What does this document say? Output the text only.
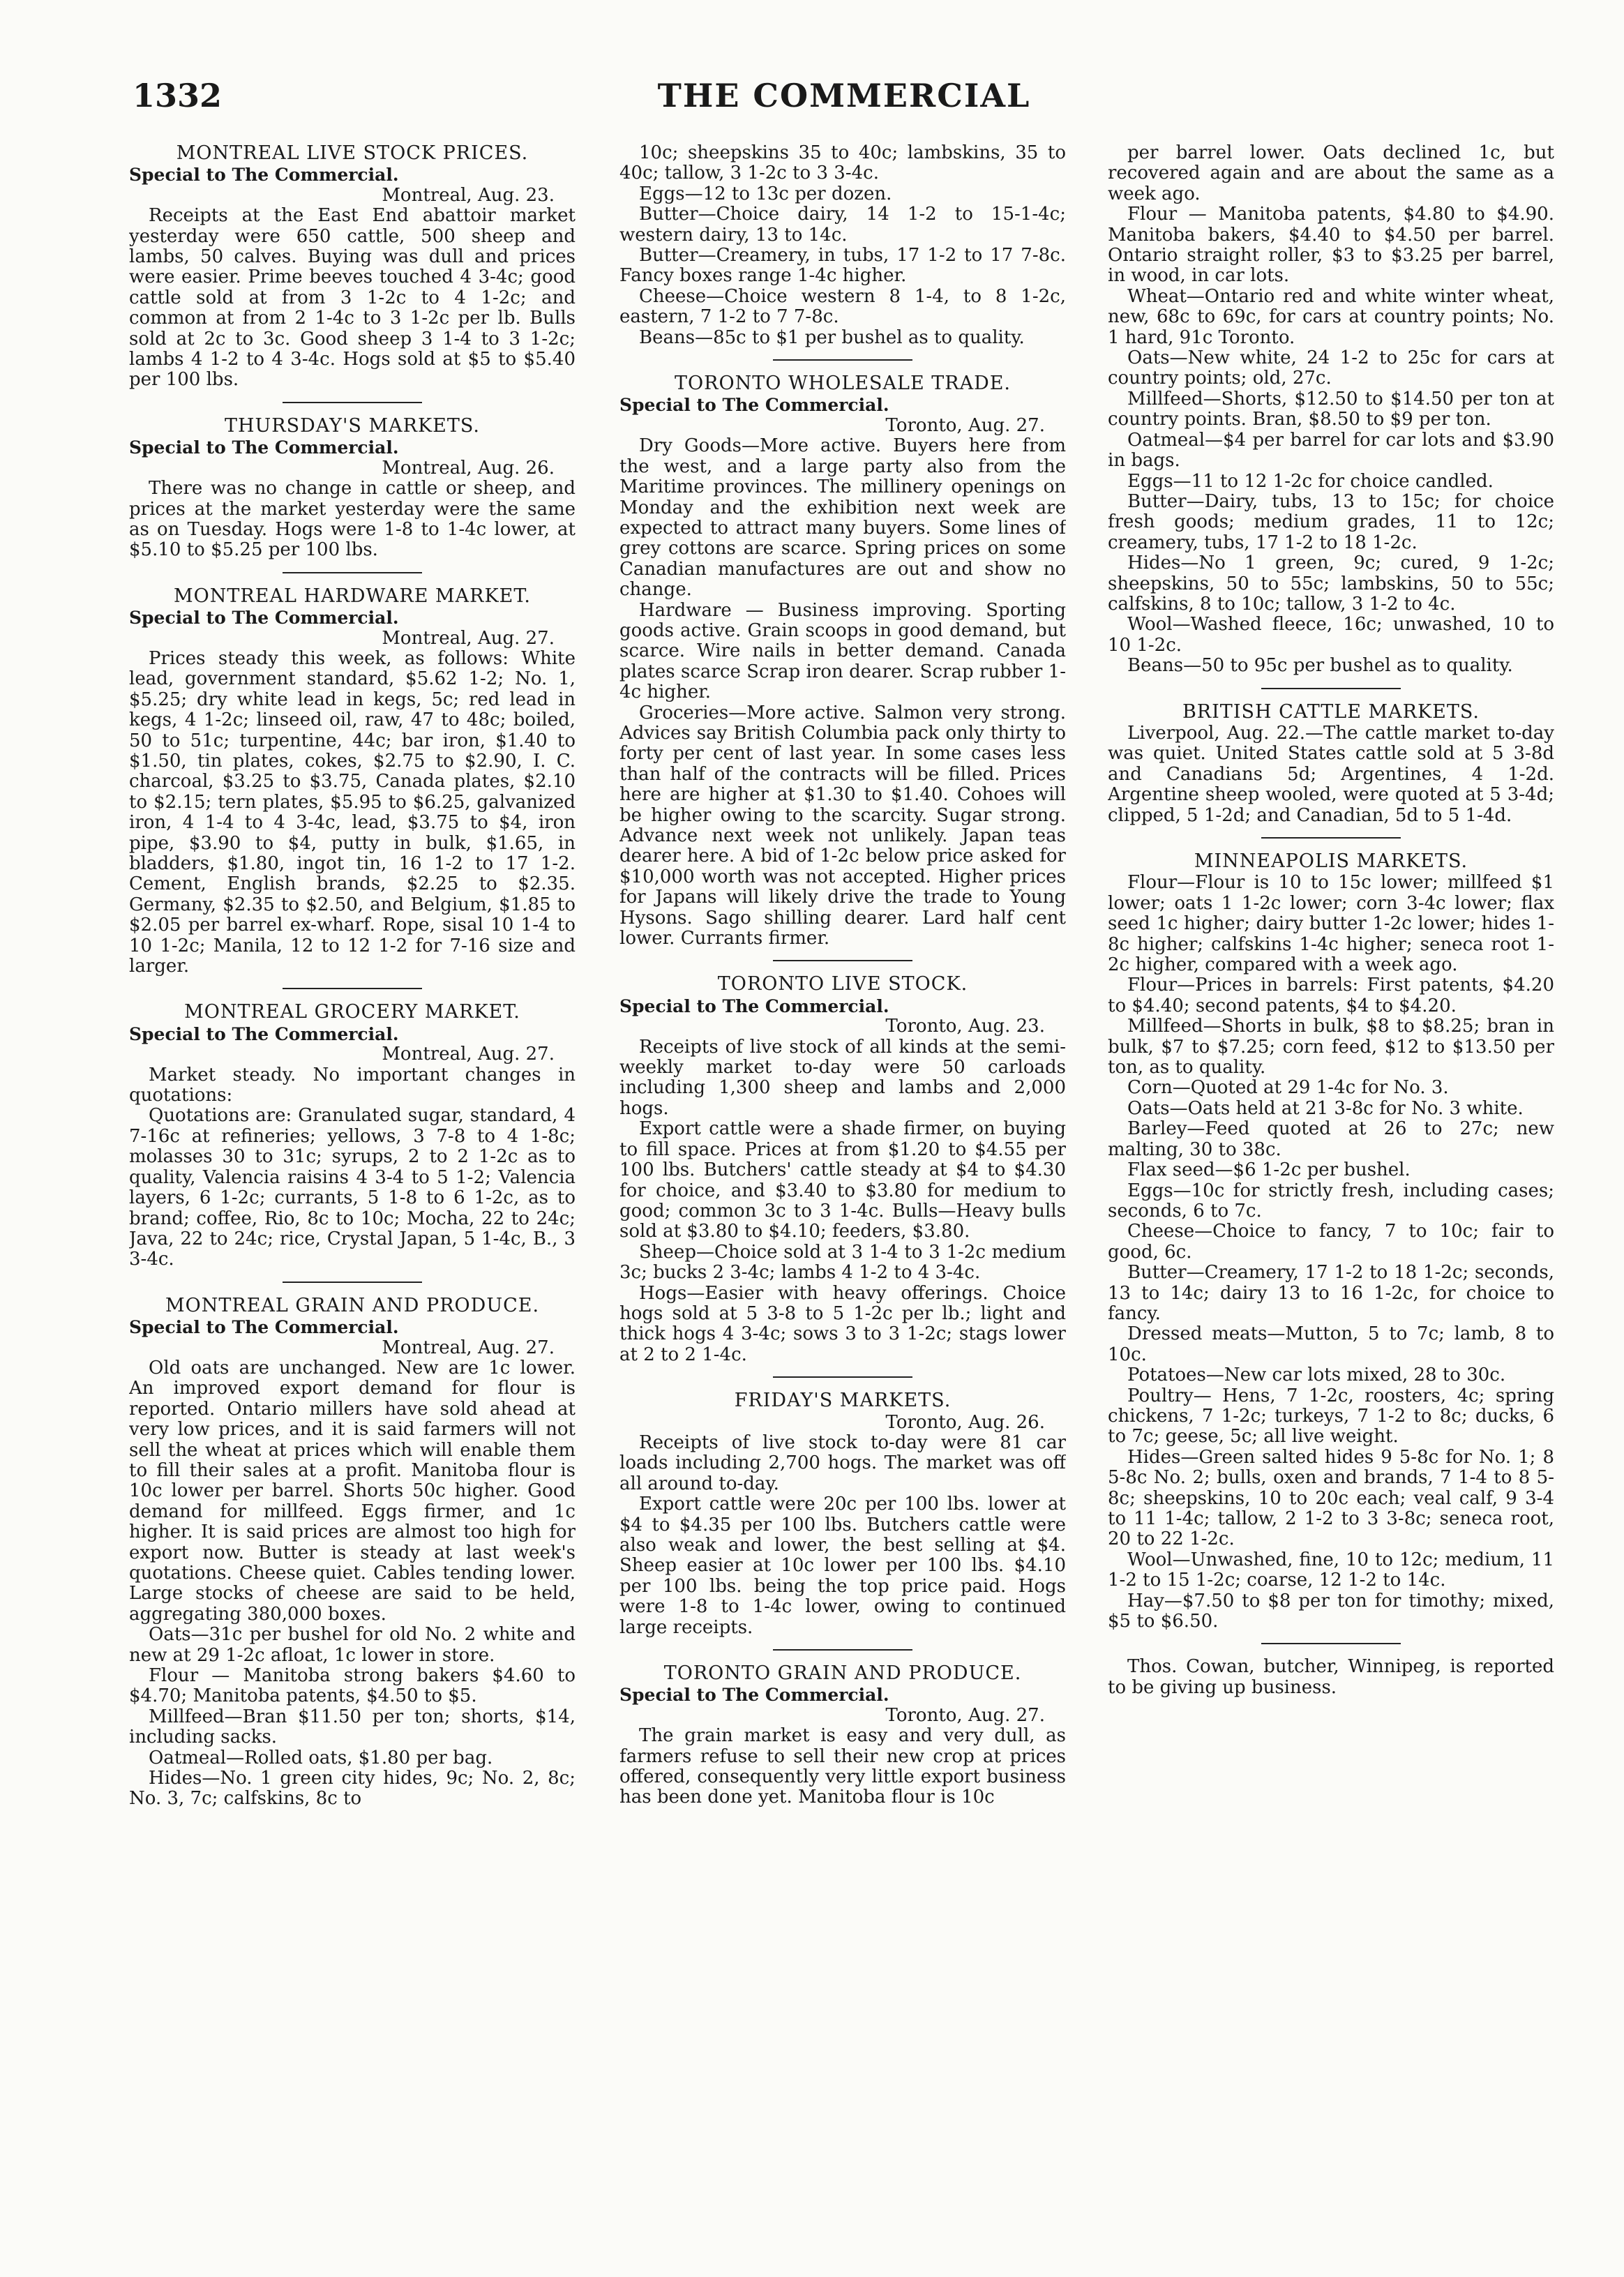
1332	THE COMMERCIAL
MONTREAL LIVE STOCK PRICES.
Special to The Commercial.
Montreal, Aug. 23.
Receipts at the East End abattoir market yesterday were 650 cattle, 500 sheep and lambs, 50 calves. Buying was dull and prices were easier. Prime beeves touched 4 3-4c; good cattle sold at from 3 1-2c to 4 1-2c; and common at from 2 1-4c to 3 1-2c per lb. Bulls sold at 2c to 3c. Good sheep 3 1-4 to 3 1-2c; lambs 4 1-2 to 4 3-4c. Hogs sold at $5 to $5.40 per 100 lbs.
THURSDAY'S MARKETS.
Special to The Commercial.
Montreal, Aug. 26.
There was no change in cattle or sheep, and prices at the market yesterday were the same as on Tuesday. Hogs were 1-8 to 1-4c lower, at $5.10 to $5.25 per 100 lbs.
MONTREAL HARDWARE MARKET.
Special to The Commercial.
Montreal, Aug. 27.
Prices steady this week, as follows: White lead, government standard, $5.62 1-2; No. 1, $5.25; dry white lead in kegs, 5c; red lead in kegs, 4 1-2c; linseed oil, raw, 47 to 48c; boiled, 50 to 51c; turpentine, 44c; bar iron, $1.40 to $1.50, tin plates, cokes, $2.75 to $2.90, I. C. charcoal, $3.25 to $3.75, Canada plates, $2.10 to $2.15; tern plates, $5.95 to $6.25, galvanized iron, 4 1-4 to 4 3-4c, lead, $3.75 to $4, iron pipe, $3.90 to $4, putty in bulk, $1.65, in bladders, $1.80, ingot tin, 16 1-2 to 17 1-2. Cement, English brands, $2.25 to $2.35. Germany, $2.35 to $2.50, and Belgium, $1.85 to $2.05 per barrel ex-wharf. Rope, sisal 10 1-4 to 10 1-2c; Manila, 12 to 12 1-2 for 7-16 size and larger.
MONTREAL GROCERY MARKET.
Special to The Commercial.
Montreal, Aug. 27.
Market steady. No important changes in quotations:
Quotations are: Granulated sugar, standard, 4 7-16c at refineries; yellows, 3 7-8 to 4 1-8c; molasses 30 to 31c; syrups, 2 to 2 1-2c as to quality, Valencia raisins 4 3-4 to 5 1-2; Valencia layers, 6 1-2c; currants, 5 1-8 to 6 1-2c, as to brand; coffee, Rio, 8c to 10c; Mocha, 22 to 24c; Java, 22 to 24c; rice, Crystal Japan, 5 1-4c, B., 3 3-4c.
MONTREAL GRAIN AND PRODUCE.
Special to The Commercial.
Montreal, Aug. 27.
Old oats are unchanged. New are 1c lower. An improved export demand for flour is reported. Ontario millers have sold ahead at very low prices, and it is said farmers will not sell the wheat at prices which will enable them to fill their sales at a profit. Manitoba flour is 10c lower per barrel. Shorts 50c higher. Good demand for millfeed. Eggs firmer, and 1c higher. It is said prices are almost too high for export now. Butter is steady at last week's quotations. Cheese quiet. Cables tending lower. Large stocks of cheese are said to be held, aggregating 380,000 boxes.
Oats—31c per bushel for old No. 2 white and new at 29 1-2c afloat, 1c lower in store.
Flour — Manitoba strong bakers $4.60 to $4.70; Manitoba patents, $4.50 to $5.
Millfeed—Bran $11.50 per ton; shorts, $14, including sacks.
Oatmeal—Rolled oats, $1.80 per bag.
Hides—No. 1 green city hides, 9c; No. 2, 8c; No. 3, 7c; calfskins, 8c to
10c; sheepskins 35 to 40c; lambskins, 35 to 40c; tallow, 3 1-2c to 3 3-4c.
Eggs—12 to 13c per dozen.
Butter—Choice dairy, 14 1-2 to 15-1-4c; western dairy, 13 to 14c.
Butter—Creamery, in tubs, 17 1-2 to 17 7-8c. Fancy boxes range 1-4c higher.
Cheese—Choice western 8 1-4, to 8 1-2c, eastern, 7 1-2 to 7 7-8c.
Beans—85c to $1 per bushel as to quality.
TORONTO WHOLESALE TRADE.
Special to The Commercial.
Toronto, Aug. 27.
Dry Goods—More active. Buyers here from the west, and a large party also from the Maritime provinces. The millinery openings on Monday and the exhibition next week are expected to attract many buyers. Some lines of grey cottons are scarce. Spring prices on some Canadian manufactures are out and show no change.
Hardware — Business improving. Sporting goods active. Grain scoops in good demand, but scarce. Wire nails in better demand. Canada plates scarce Scrap iron dearer. Scrap rubber 1-4c higher.
Groceries—More active. Salmon very strong. Advices say British Columbia pack only thirty to forty per cent of last year. In some cases less than half of the contracts will be filled. Prices here are higher at $1.30 to $1.40. Cohoes will be higher owing to the scarcity. Sugar strong. Advance next week not unlikely. Japan teas dearer here. A bid of 1-2c below price asked for $10,000 worth was not accepted. Higher prices for Japans will likely drive the trade to Young Hysons. Sago shilling dearer. Lard half cent lower. Currants firmer.
TORONTO LIVE STOCK.
Special to The Commercial.
Toronto, Aug. 23.
Receipts of live stock of all kinds at the semi-weekly market to-day were 50 carloads including 1,300 sheep and lambs and 2,000 hogs.
Export cattle were a shade firmer, on buying to fill space. Prices at from $1.20 to $4.55 per 100 lbs. Butchers' cattle steady at $4 to $4.30 for choice, and $3.40 to $3.80 for medium to good; common 3c to 3 1-4c. Bulls—Heavy bulls sold at $3.80 to $4.10; feeders, $3.80.
Sheep—Choice sold at 3 1-4 to 3 1-2c medium 3c; bucks 2 3-4c; lambs 4 1-2 to 4 3-4c.
Hogs—Easier with heavy offerings. Choice hogs sold at 5 3-8 to 5 1-2c per lb.; light and thick hogs 4 3-4c; sows 3 to 3 1-2c; stags lower at 2 to 2 1-4c.
FRIDAY'S MARKETS.
Toronto, Aug. 26.
Receipts of live stock to-day were 81 car loads including 2,700 hogs. The market was off all around to-day.
Export cattle were 20c per 100 lbs. lower at $4 to $4.35 per 100 lbs. Butchers cattle were also weak and lower, the best selling at $4. Sheep easier at 10c lower per 100 lbs. $4.10 per 100 lbs. being the top price paid. Hogs were 1-8 to 1-4c lower, owing to continued large receipts.
TORONTO GRAIN AND PRODUCE.
Special to The Commercial.
Toronto, Aug. 27.
The grain market is easy and very dull, as farmers refuse to sell their new crop at prices offered, consequently very little export business has been done yet. Manitoba flour is 10c
per barrel lower. Oats declined 1c, but recovered again and are about the same as a week ago.
Flour — Manitoba patents, $4.80 to $4.90. Manitoba bakers, $4.40 to $4.50 per barrel. Ontario straight roller, $3 to $3.25 per barrel, in wood, in car lots.
Wheat—Ontario red and white winter wheat, new, 68c to 69c, for cars at country points; No. 1 hard, 91c Toronto.
Oats—New white, 24 1-2 to 25c for cars at country points; old, 27c.
Millfeed—Shorts, $12.50 to $14.50 per ton at country points. Bran, $8.50 to $9 per ton.
Oatmeal—$4 per barrel for car lots and $3.90 in bags.
Eggs—11 to 12 1-2c for choice candled.
Butter—Dairy, tubs, 13 to 15c; for choice fresh goods; medium grades, 11 to 12c; creamery, tubs, 17 1-2 to 18 1-2c.
Hides—No 1 green, 9c; cured, 9 1-2c; sheepskins, 50 to 55c; lambskins, 50 to 55c; calfskins, 8 to 10c; tallow, 3 1-2 to 4c.
Wool—Washed fleece, 16c; unwashed, 10 to 10 1-2c.
Beans—50 to 95c per bushel as to quality.
BRITISH CATTLE MARKETS.
Liverpool, Aug. 22.—The cattle market to-day was quiet. United States cattle sold at 5 3-8d and Canadians 5d; Argentines, 4 1-2d. Argentine sheep wooled, were quoted at 5 3-4d; clipped, 5 1-2d; and Canadian, 5d to 5 1-4d.
MINNEAPOLIS MARKETS.
Flour—Flour is 10 to 15c lower; millfeed $1 lower; oats 1 1-2c lower; corn 3-4c lower; flax seed 1c higher; dairy butter 1-2c lower; hides 1-8c higher; calfskins 1-4c higher; seneca root 1-2c higher, compared with a week ago.
Flour—Prices in barrels: First patents, $4.20 to $4.40; second patents, $4 to $4.20.
Millfeed—Shorts in bulk, $8 to $8.25; bran in bulk, $7 to $7.25; corn feed, $12 to $13.50 per ton, as to quality.
Corn—Quoted at 29 1-4c for No. 3.
Oats—Oats held at 21 3-8c for No. 3 white.
Barley—Feed quoted at 26 to 27c; new malting, 30 to 38c.
Flax seed—$6 1-2c per bushel.
Eggs—10c for strictly fresh, including cases; seconds, 6 to 7c.
Cheese—Choice to fancy, 7 to 10c; fair to good, 6c.
Butter—Creamery, 17 1-2 to 18 1-2c; seconds, 13 to 14c; dairy 13 to 16 1-2c, for choice to fancy.
Dressed meats—Mutton, 5 to 7c; lamb, 8 to 10c.
Potatoes—New car lots mixed, 28 to 30c.
Poultry— Hens, 7 1-2c, roosters, 4c; spring chickens, 7 1-2c; turkeys, 7 1-2 to 8c; ducks, 6 to 7c; geese, 5c; all live weight.
Hides—Green salted hides 9 5-8c for No. 1; 8 5-8c No. 2; bulls, oxen and brands, 7 1-4 to 8 5-8c; sheepskins, 10 to 20c each; veal calf, 9 3-4 to 11 1-4c; tallow, 2 1-2 to 3 3-8c; seneca root, 20 to 22 1-2c.
Wool—Unwashed, fine, 10 to 12c; medium, 11 1-2 to 15 1-2c; coarse, 12 1-2 to 14c.
Hay—$7.50 to $8 per ton for timothy; mixed, $5 to $6.50.
Thos. Cowan, butcher, Winnipeg, is reported to be giving up business.
